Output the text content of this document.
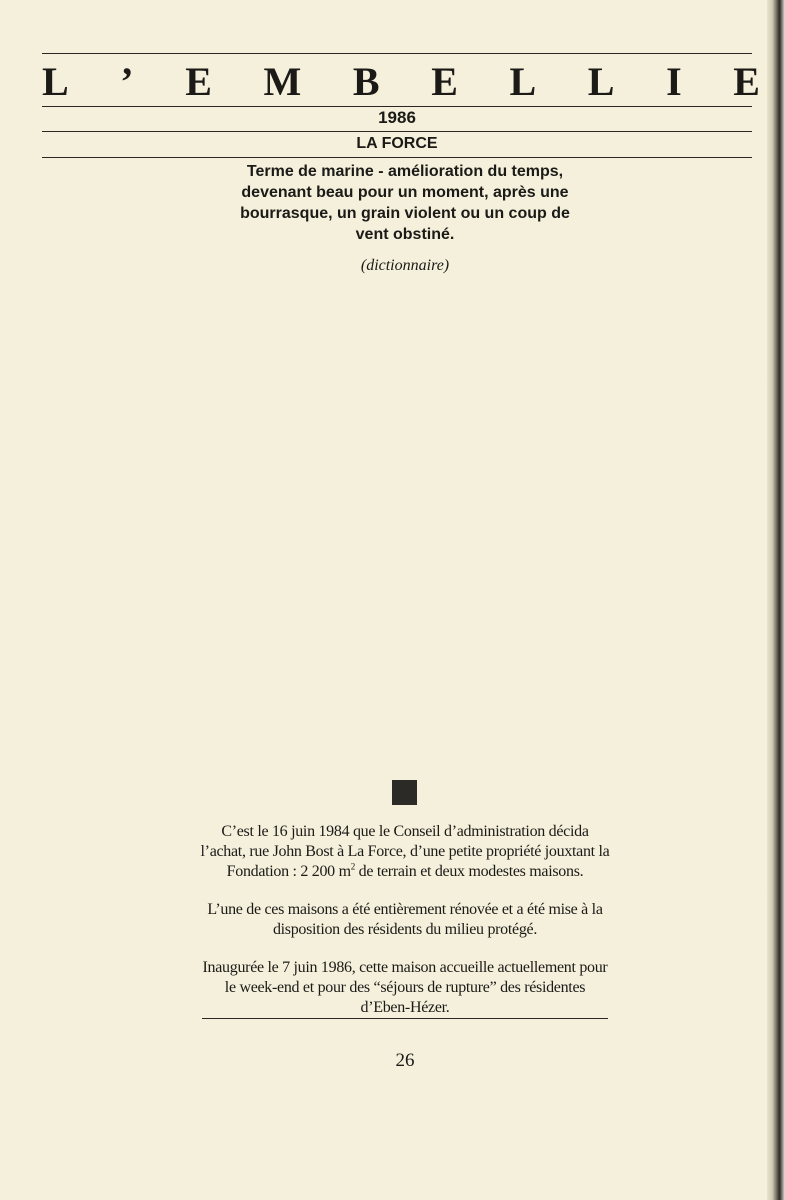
L ’ E M B E L L I E
1986
LA FORCE
Terme de marine - amélioration du temps, devenant beau pour un moment, après une bourrasque, un grain violent ou un coup de vent obstiné.
(dictionnaire)

C’est le 16 juin 1984 que le Conseil d’administration décida l’achat, rue John Bost à La Force, d’une petite propriété jouxtant la Fondation : 2 200 $m^2$ de terrain et deux modestes maisons.

L’une de ces maisons a été entièrement rénovée et a été mise à la disposition des résidents du milieu protégé.

Inaugurée le 7 juin 1986, cette maison accueille actuellement pour le week-end et pour des “séjours de rupture” des résidentes d’Eben-Hézer.

26
